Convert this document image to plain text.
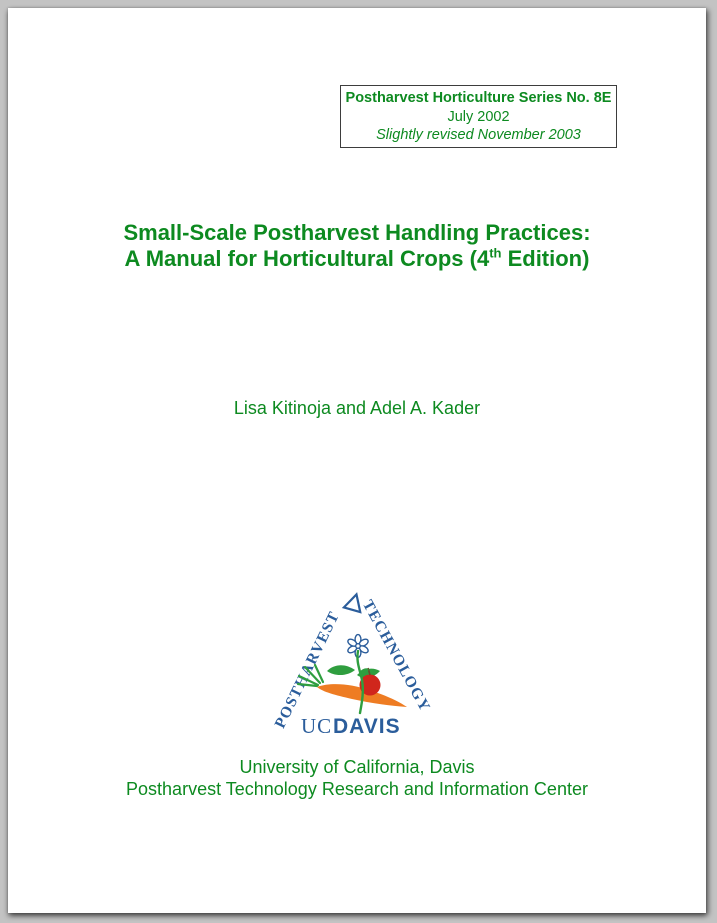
Postharvest Horticulture Series No. 8E
July 2002
Slightly revised November 2003
Small-Scale Postharvest Handling Practices:
A Manual for Horticultural Crops (4th Edition)
Lisa Kitinoja and Adel A. Kader
POSTHARVEST
TECHNOLOGY
UC DAVIS
University of California, Davis
Postharvest Technology Research and Information Center
